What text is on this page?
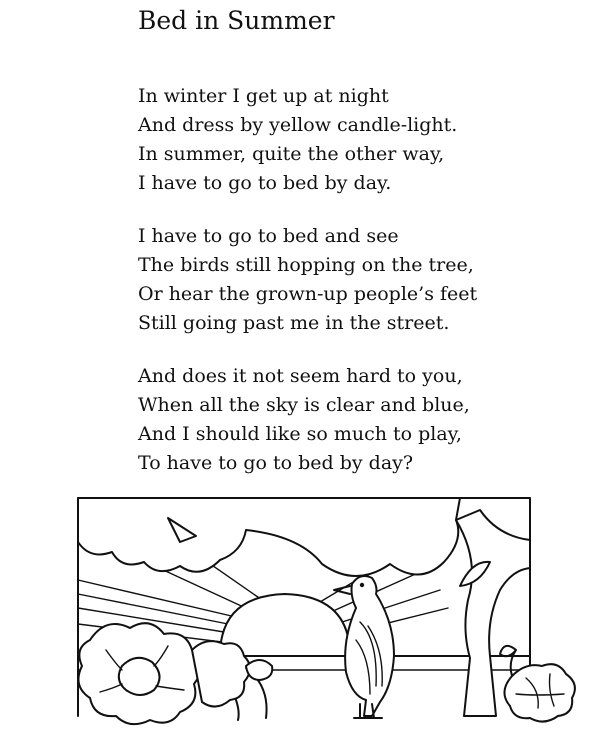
Bed in Summer
In winter I get up at night
And dress by yellow candle-light.
In summer, quite the other way,
I have to go to bed by day.
I have to go to bed and see
The birds still hopping on the tree,
Or hear the grown-up people’s feet
Still going past me in the street.
And does it not seem hard to you,
When all the sky is clear and blue,
And I should like so much to play,
To have to go to bed by day?
